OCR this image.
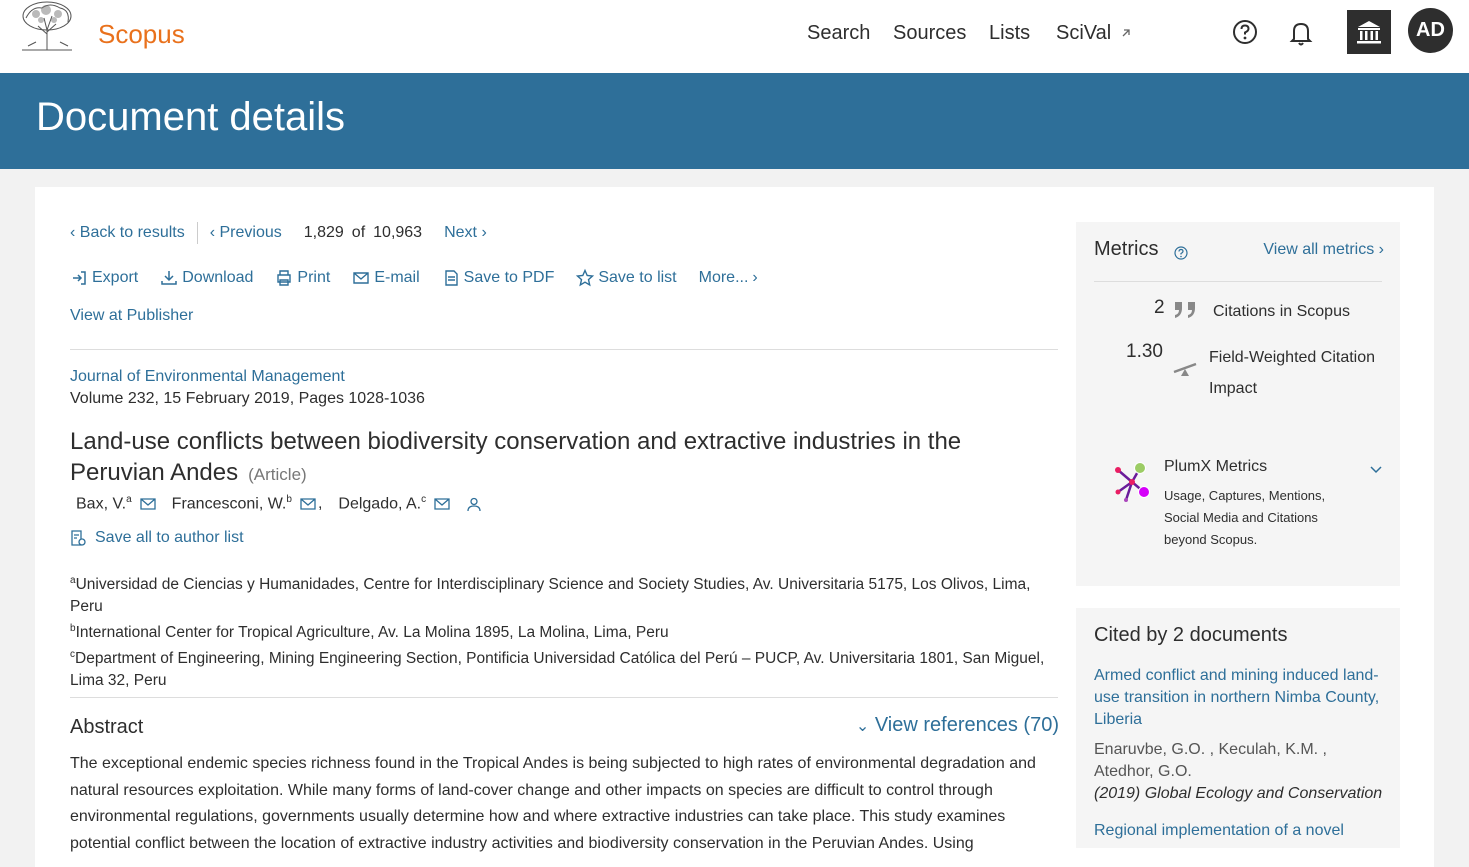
Scopus	Search Sources Lists SciVal	AD
Document details
‹ Back to results ‹ Previous 1,829 of 10,963 Next ›
Export	Download	Print	E-mail	Save to PDF	Save to list More... ›
View at Publisher
Journal of Environmental Management
Volume 232, 15 February 2019, Pages 1028-1036
Land-use conflicts between biodiversity conservation and extractive industries in the Peruvian Andes (Article)
Bax, V.$^a$	Francesconi, W.$^b$ , Delgado, A.$^c$
Save all to author list
$^a$Universidad de Ciencias y Humanidades, Centre for Interdisciplinary Science and Society Studies, Av. Universitaria 5175, Los Olivos, Lima, Peru
$^b$International Center for Tropical Agriculture, Av. La Molina 1895, La Molina, Lima, Peru
$^c$Department of Engineering, Mining Engineering Section, Pontificia Universidad Católica del Perú – PUCP, Av. Universitaria 1801, San Miguel, Lima 32, Peru
Abstract	⌄ View references (70)
The exceptional endemic species richness found in the Tropical Andes is being subjected to high rates of environmental degradation and natural resources exploitation. While many forms of land-cover change and other impacts on species are difficult to control through environmental regulations, governments usually determine how and where extractive industries can take place. This study examines potential conflict between the location of extractive industry activities and biodiversity conservation in the Peruvian Andes. Using
Metrics	View all metrics ›
2	Citations in Scopus
1.30	Field-Weighted Citation Impact
PlumX Metrics
Usage, Captures, Mentions, Social Media and Citations beyond Scopus.
Cited by 2 documents
Armed conflict and mining induced land-use transition in northern Nimba County, Liberia
Enaruvbe, G.O. , Keculah, K.M. , Atedhor, G.O.
(2019) Global Ecology and Conservation
Regional implementation of a novel
